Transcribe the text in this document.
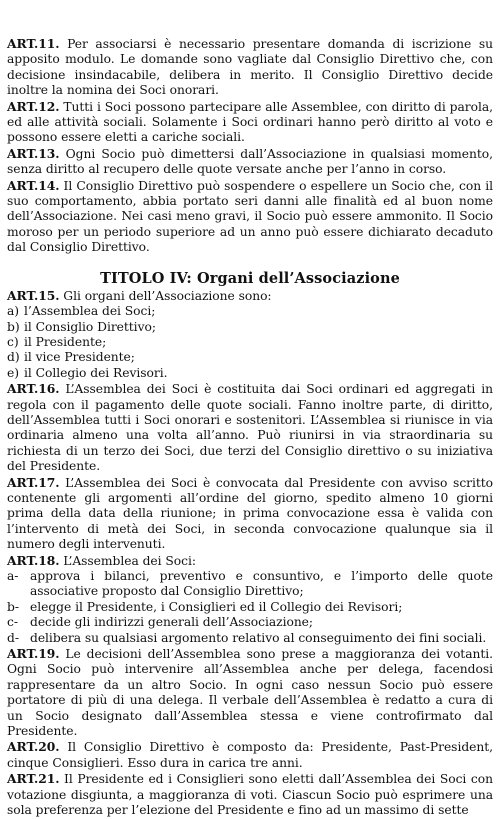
ART.11. Per associarsi è necessario presentare domanda di iscrizione su apposito modulo. Le domande sono vagliate dal Consiglio Direttivo che, con decisione insindacabile, delibera in merito. Il Consiglio Direttivo decide inoltre la nomina dei Soci onorari.

ART.12. Tutti i Soci possono partecipare alle Assemblee, con diritto di parola, ed alle attività sociali. Solamente i Soci ordinari hanno però diritto al voto e possono essere eletti a cariche sociali.

ART.13. Ogni Socio può dimettersi dall’Associazione in qualsiasi momento, senza diritto al recupero delle quote versate anche per l’anno in corso.

ART.14. Il Consiglio Direttivo può sospendere o espellere un Socio che, con il suo comportamento, abbia portato seri danni alle finalità ed al buon nome dell’Associazione. Nei casi meno gravi, il Socio può essere ammonito. Il Socio moroso per un periodo superiore ad un anno può essere dichiarato decaduto dal Consiglio Direttivo.

TITOLO IV: Organi dell’Associazione

ART.15. Gli organi dell’Associazione sono:

a) l’Assemblea dei Soci;
b) il Consiglio Direttivo;
c) il Presidente;
d) il vice Presidente;
e) il Collegio dei Revisori.

ART.16. L’Assemblea dei Soci è costituita dai Soci ordinari ed aggregati in regola con il pagamento delle quote sociali. Fanno inoltre parte, di diritto, dell’Assemblea tutti i Soci onorari e sostenitori. L’Assemblea si riunisce in via ordinaria almeno una volta all’anno. Può riunirsi in via straordinaria su richiesta di un terzo dei Soci, due terzi del Consiglio direttivo o su iniziativa del Presidente.

ART.17. L’Assemblea dei Soci è convocata dal Presidente con avviso scritto contenente gli argomenti all’ordine del giorno, spedito almeno 10 giorni prima della data della riunione; in prima convocazione essa è valida con l’intervento di metà dei Soci, in seconda convocazione qualunque sia il numero degli intervenuti.

ART.18. L’Assemblea dei Soci:

a- approva i bilanci, preventivo e consuntivo, e l’importo delle quote associative proposto dal Consiglio Direttivo;
b- elegge il Presidente, i Consiglieri ed il Collegio dei Revisori;
c- decide gli indirizzi generali dell’Associazione;
d- delibera su qualsiasi argomento relativo al conseguimento dei fini sociali.

ART.19. Le decisioni dell’Assemblea sono prese a maggioranza dei votanti. Ogni Socio può intervenire all’Assemblea anche per delega, facendosi rappresentare da un altro Socio. In ogni caso nessun Socio può essere portatore di più di una delega. Il verbale dell’Assemblea è redatto a cura di un Socio designato dall’Assemblea stessa e viene controfirmato dal Presidente.

ART.20. Il Consiglio Direttivo è composto da: Presidente, Past-President, cinque Consiglieri. Esso dura in carica tre anni.

ART.21. Il Presidente ed i Consiglieri sono eletti dall’Assemblea dei Soci con votazione disgiunta, a maggioranza di voti. Ciascun Socio può esprimere una sola preferenza per l’elezione del Presidente e fino ad un massimo di sette
